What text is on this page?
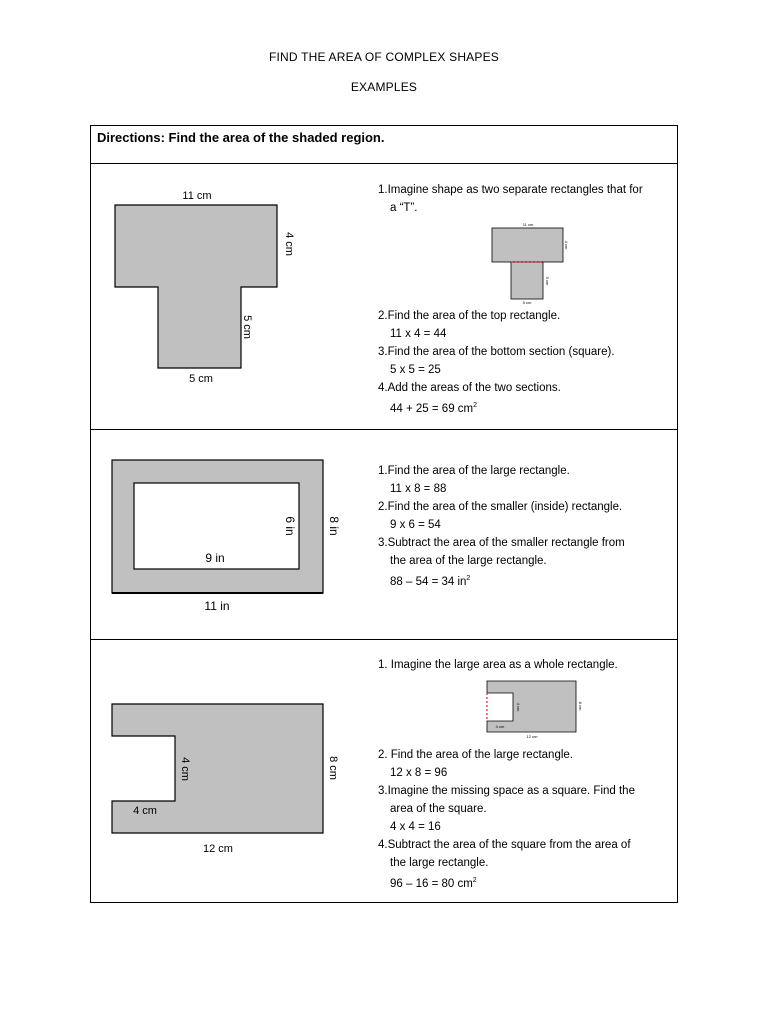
FIND THE AREA OF COMPLEX SHAPES
EXAMPLES
Directions: Find the area of the shaded region.
11 cm
4 cm
5 cm
5 cm
11 cm
4 cm
5 cm
5 cm
1.Imagine shape as two separate rectangles that for
a “T”.
2.Find the area of the top rectangle.
11 x 4 = 44
3.Find the area of the bottom section (square).
5 x 5 = 25
4.Add the areas of the two sections.
44 + 25 = 69 $cm^2$
9 in
6 in	8 in
11 in
1.Find the area of the large rectangle.
11 x 8 = 88
2.Find the area of the smaller (inside) rectangle.
9 x 6 = 54
3.Subtract the area of the smaller rectangle from
the area of the large rectangle.
88 – 54 = 34 $in^2$
4 cm
4 cm
8 cm
12 cm
4 cm	8 cm
4 cm
12 cm
1. Imagine the large area as a whole rectangle.
2. Find the area of the large rectangle.
12 x 8 = 96
3.Imagine the missing space as a square. Find the
area of the square.
4 x 4 = 16
4.Subtract the area of the square from the area of
the large rectangle.
96 – 16 = 80 $cm^2$
